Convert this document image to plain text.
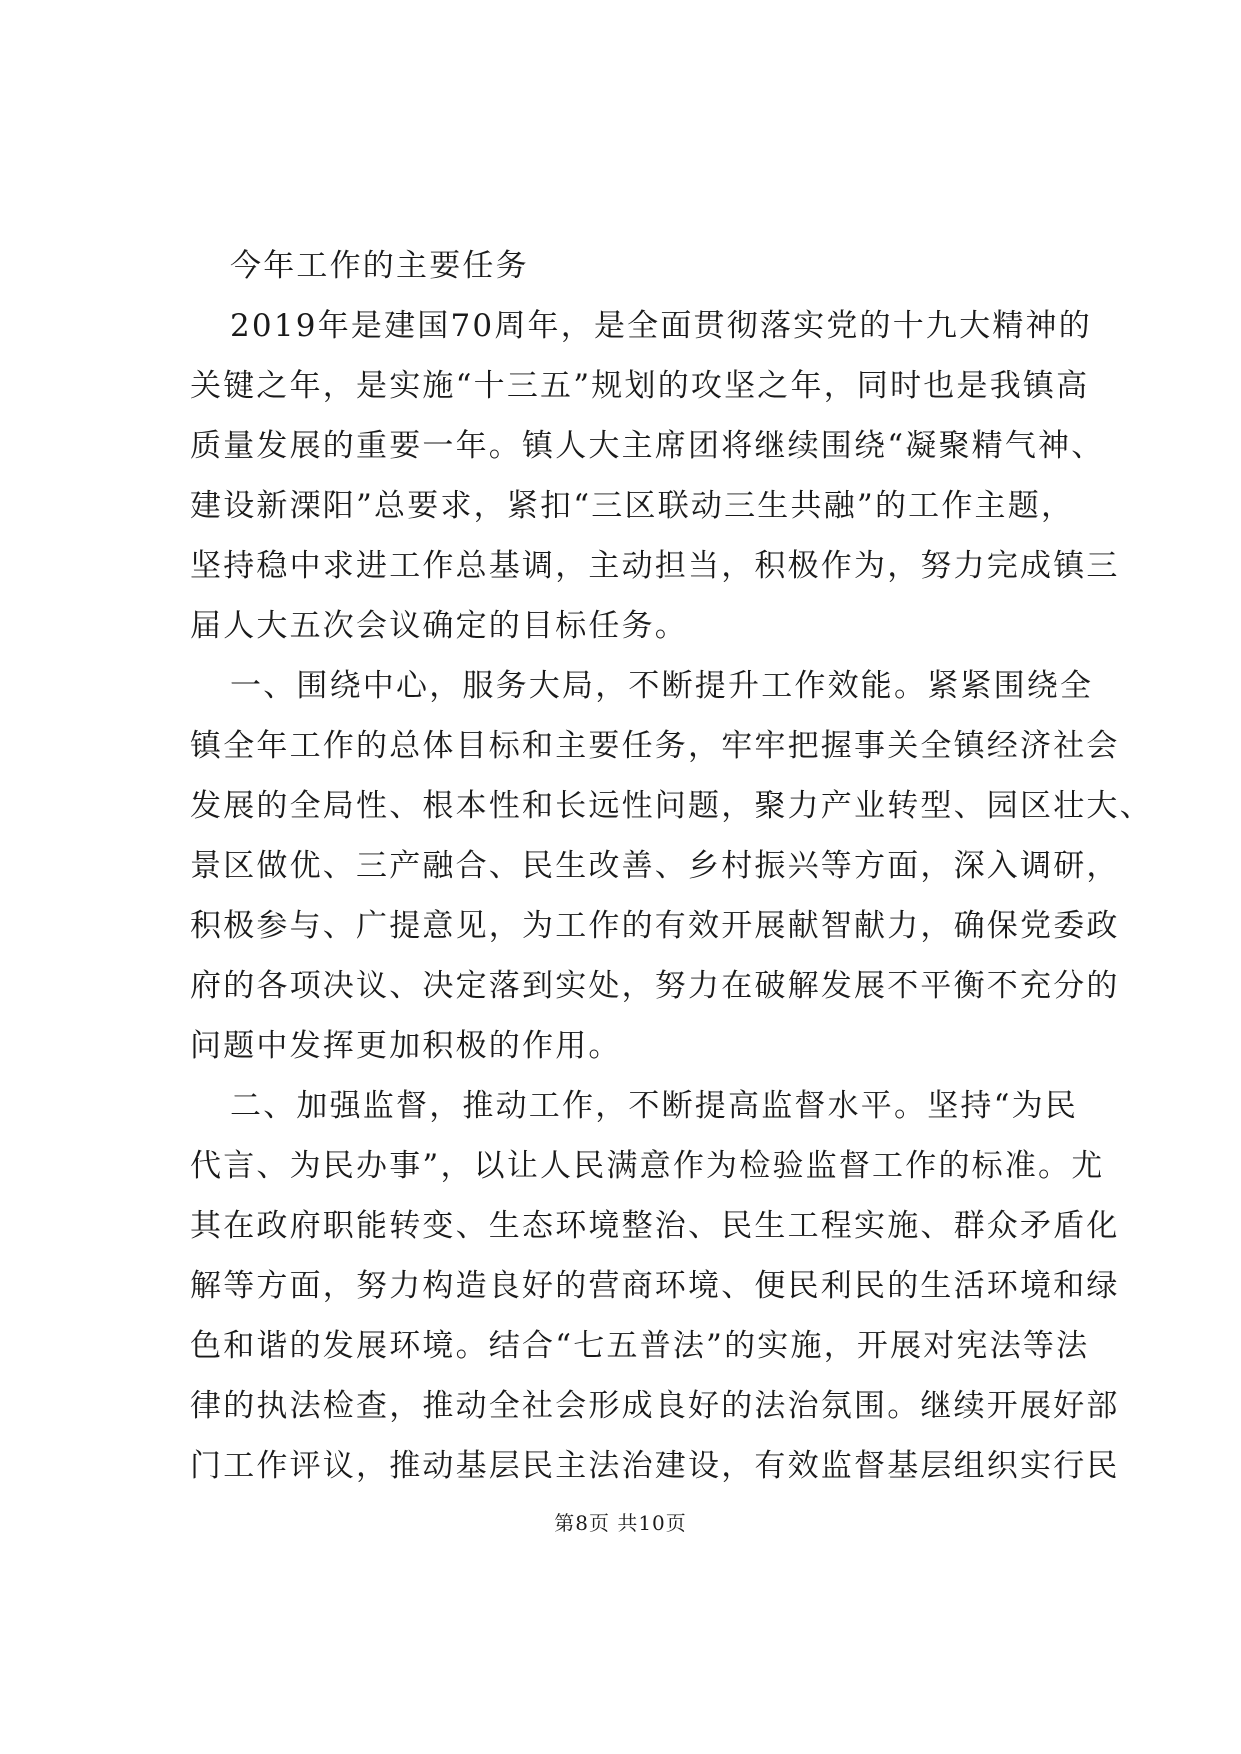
今年工作的主要任务
2019年是建国70周年，是全面贯彻落实党的十九大精神的
关键之年，是实施“十三五”规划的攻坚之年，同时也是我镇高
质量发展的重要一年。镇人大主席团将继续围绕“凝聚精气神、
建设新溧阳”总要求，紧扣“三区联动三生共融”的工作主题，
坚持稳中求进工作总基调，主动担当，积极作为，努力完成镇三
届人大五次会议确定的目标任务。
一、围绕中心，服务大局，不断提升工作效能。紧紧围绕全
镇全年工作的总体目标和主要任务，牢牢把握事关全镇经济社会
发展的全局性、根本性和长远性问题，聚力产业转型、园区壮大、
景区做优、三产融合、民生改善、乡村振兴等方面，深入调研，
积极参与、广提意见，为工作的有效开展献智献力，确保党委政
府的各项决议、决定落到实处，努力在破解发展不平衡不充分的
问题中发挥更加积极的作用。
二、加强监督，推动工作，不断提高监督水平。坚持“为民
代言、为民办事”，以让人民满意作为检验监督工作的标准。尤
其在政府职能转变、生态环境整治、民生工程实施、群众矛盾化
解等方面，努力构造良好的营商环境、便民利民的生活环境和绿
色和谐的发展环境。结合“七五普法”的实施，开展对宪法等法
律的执法检查，推动全社会形成良好的法治氛围。继续开展好部
门工作评议，推动基层民主法治建设，有效监督基层组织实行民
第8页 共10页
